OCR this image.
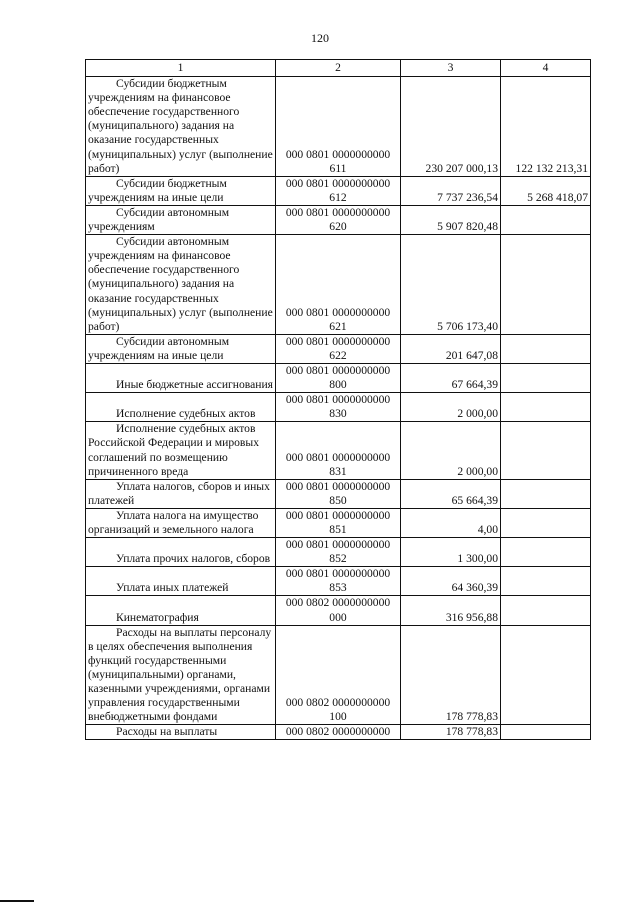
120
1	2	3	4

Субсидии бюджетным учреждениям на финансовое обеспечение государственного (муниципального) задания на оказание государственных (муниципальных) услуг (выполнение работ)	000 0801 0000000000 611	230 207 000,13	122 132 213,31

Субсидии бюджетным учреждениям на иные цели	000 0801 0000000000 612	7 737 236,54	5 268 418,07

Субсидии автономным учреждениям	000 0801 0000000000 620	5 907 820,48	

Субсидии автономным учреждениям на финансовое обеспечение государственного (муниципального) задания на оказание государственных (муниципальных) услуг (выполнение работ)	000 0801 0000000000 621	5 706 173,40	

Субсидии автономным учреждениям на иные цели	000 0801 0000000000 622	201 647,08	

Иные бюджетные ассигнования	000 0801 0000000000 800	67 664,39	

Исполнение судебных актов	000 0801 0000000000 830	2 000,00	

Исполнение судебных актов Российской Федерации и мировых соглашений по возмещению причиненного вреда	000 0801 0000000000 831	2 000,00	

Уплата налогов, сборов и иных платежей	000 0801 0000000000 850	65 664,39	

Уплата налога на имущество организаций и земельного налога	000 0801 0000000000 851	4,00	

Уплата прочих налогов, сборов	000 0801 0000000000 852	1 300,00	

Уплата иных платежей	000 0801 0000000000 853	64 360,39	

Кинематография	000 0802 0000000000 000	316 956,88	

Расходы на выплаты персоналу в целях обеспечения выполнения функций государственными (муниципальными) органами, казенными учреждениями, органами управления государственными внебюджетными фондами	000 0802 0000000000 100	178 778,83	

Расходы на выплаты	000 0802 0000000000	178 778,83	
